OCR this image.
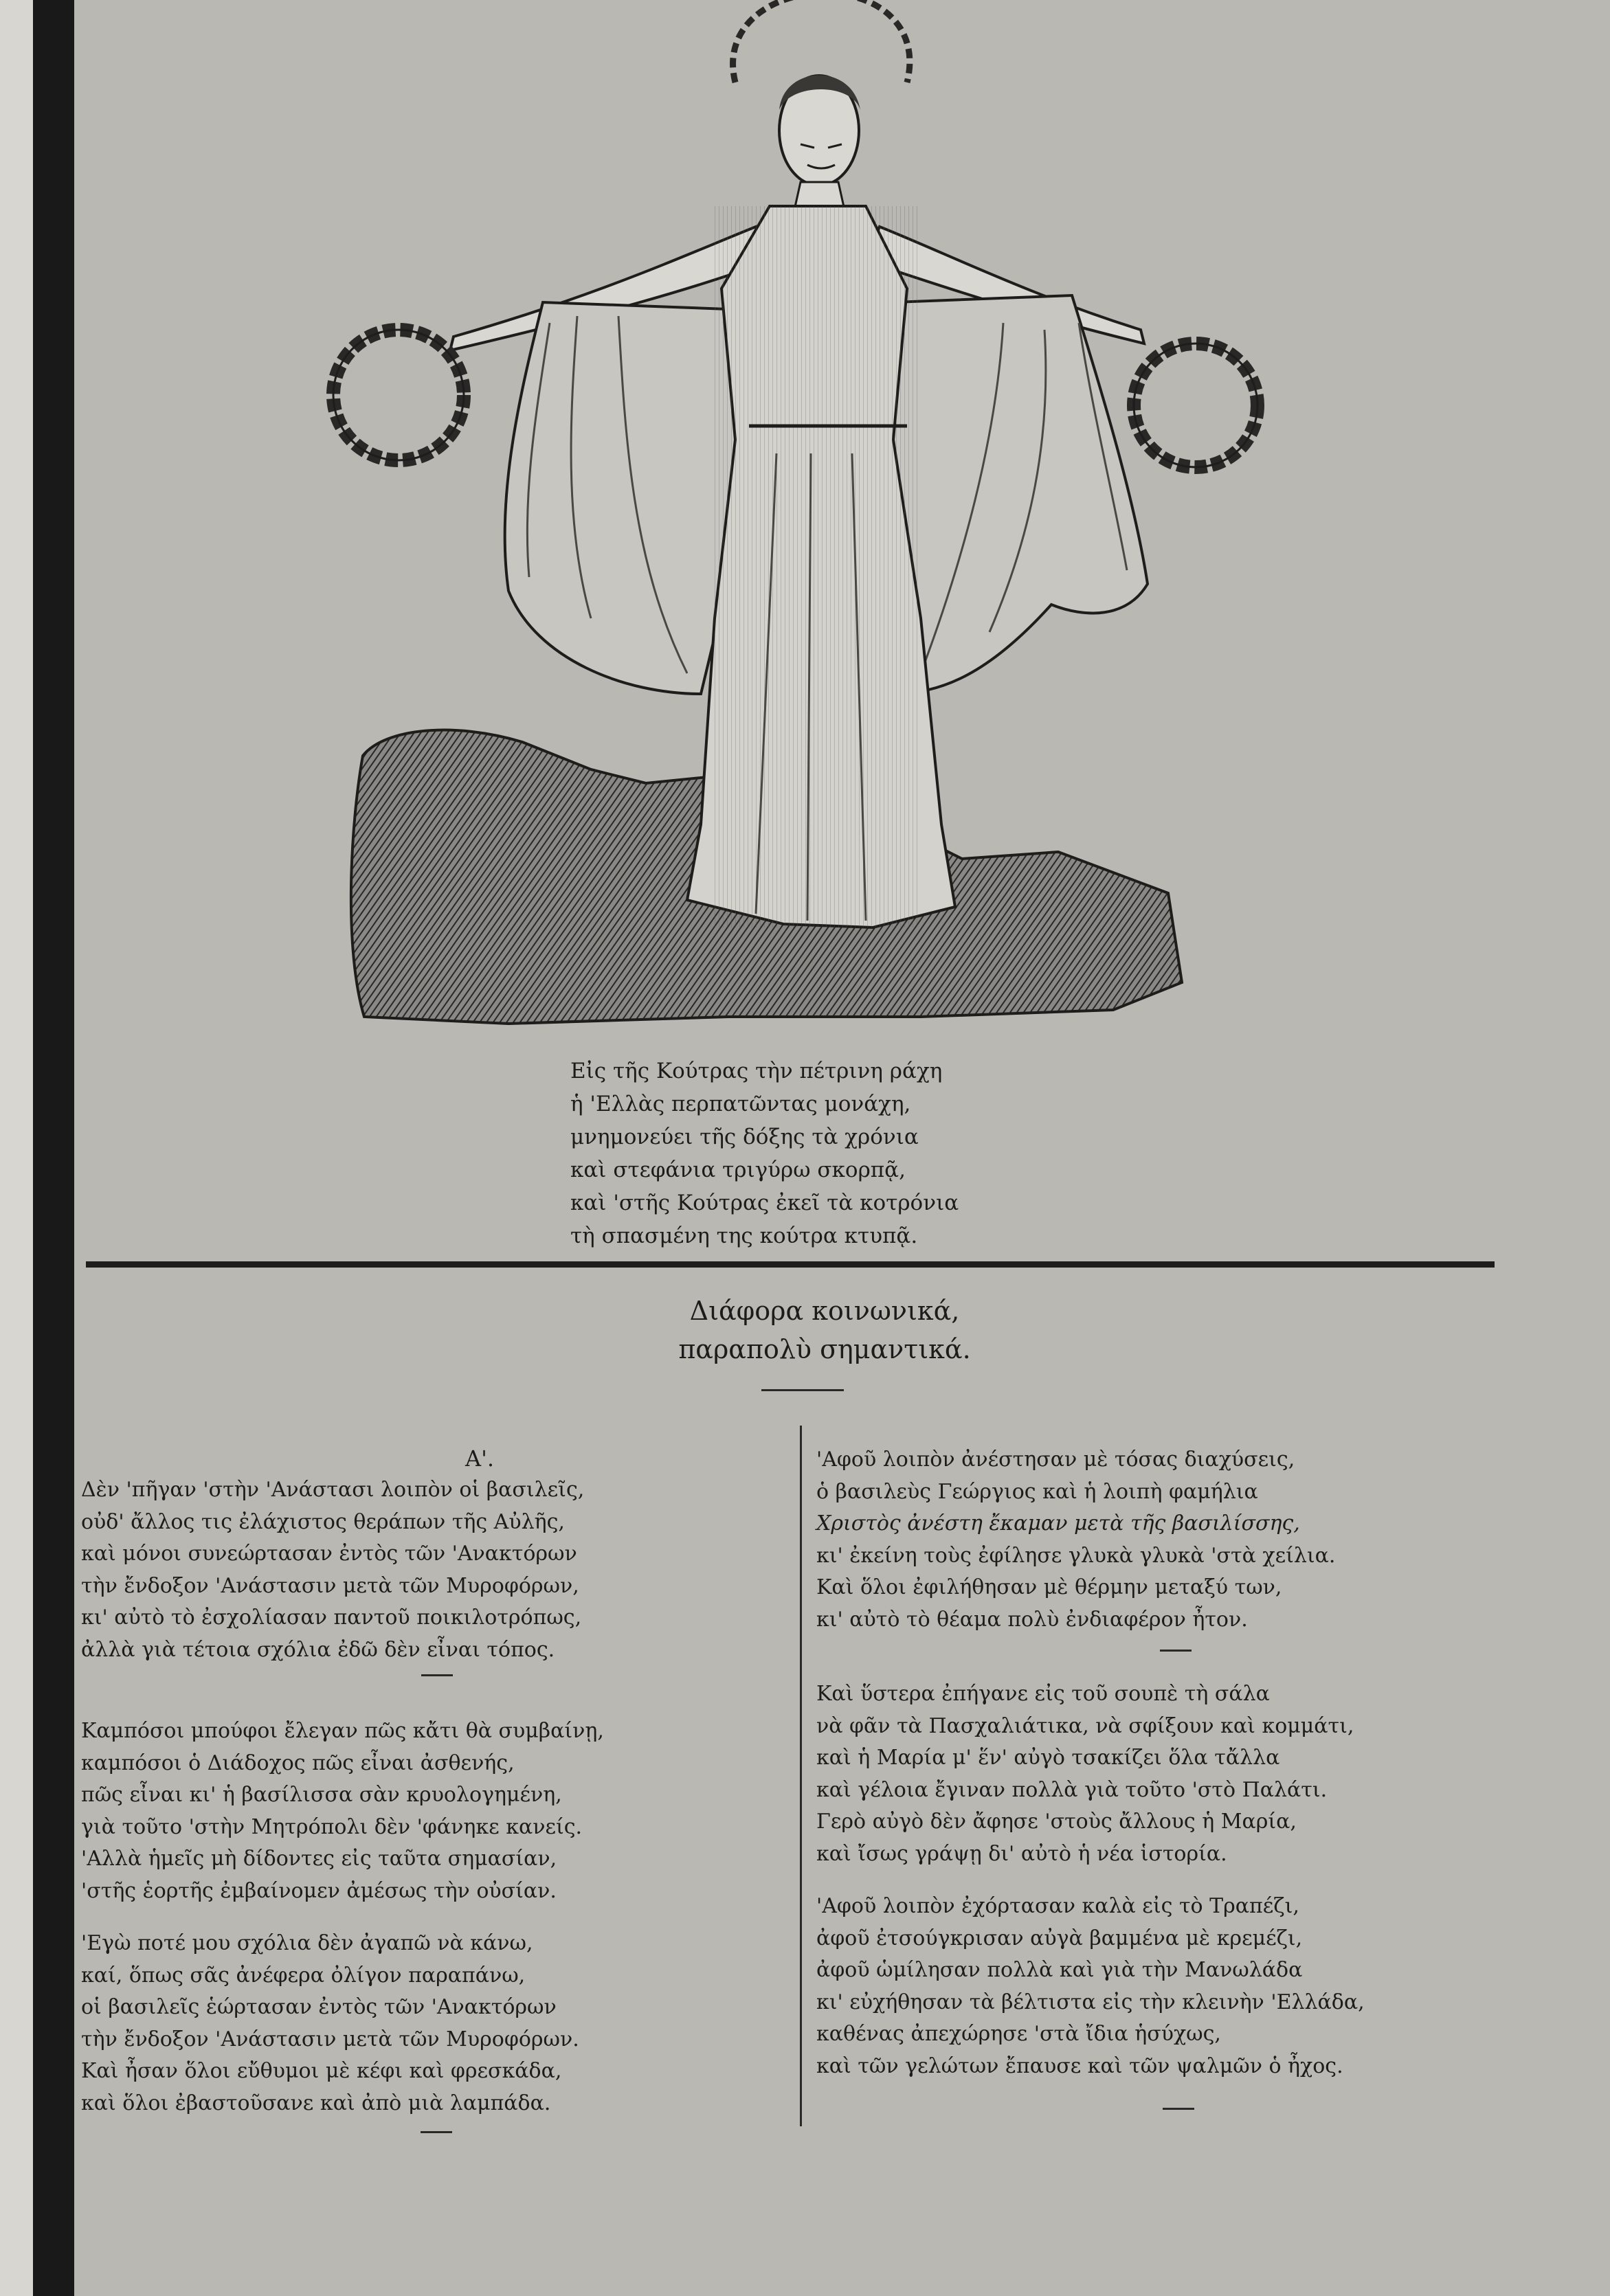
Εἰς τῆς Κούτρας τὴν πέτρινη ράχη
ἡ 'Ελλὰς περπατῶντας μονάχη,
μνημονεύει τῆς δόξης τὰ χρόνια
καὶ στεφάνια τριγύρω σκορπᾷ,
καὶ 'στῆς Κούτρας ἐκεῖ τὰ κοτρόνια
τὴ σπασμένη της κούτρα κτυπᾷ.
Διάφορα κοινωνικά,
παραπολὺ σημαντικά.
Α'.
Δὲν 'πῆγαν 'στὴν 'Ανάστασι λοιπὸν οἱ βασιλεῖς,
οὐδ' ἄλλος τις ἐλάχιστος θεράπων τῆς Αὐλῆς,
καὶ μόνοι συνεώρτασαν ἐντὸς τῶν 'Ανακτόρων
τὴν ἔνδοξον 'Ανάστασιν μετὰ τῶν Μυροφόρων,
κι' αὐτὸ τὸ ἐσχολίασαν παντοῦ ποικιλοτρόπως,
ἀλλὰ γιὰ τέτοια σχόλια ἐδῶ δὲν εἶναι τόπος.
Καμπόσοι μπούφοι ἔλεγαν πῶς κἄτι θὰ συμβαίνῃ,
καμπόσοι ὁ Διάδοχος πῶς εἶναι ἀσθενής,
πῶς εἶναι κι' ἡ βασίλισσα σὰν κρυολογημένη,
γιὰ τοῦτο 'στὴν Μητρόπολι δὲν 'φάνηκε κανείς.
'Αλλὰ ἡμεῖς μὴ δίδοντες εἰς ταῦτα σημασίαν,
'στῆς ἑορτῆς ἐμβαίνομεν ἀμέσως τὴν οὐσίαν.
'Εγὼ ποτέ μου σχόλια δὲν ἀγαπῶ νὰ κάνω,
καί, ὅπως σᾶς ἀνέφερα ὀλίγον παραπάνω,
οἱ βασιλεῖς ἑώρτασαν ἐντὸς τῶν 'Ανακτόρων
τὴν ἔνδοξον 'Ανάστασιν μετὰ τῶν Μυροφόρων.
Καὶ ἦσαν ὅλοι εὔθυμοι μὲ κέφι καὶ φρεσκάδα,
καὶ ὅλοι ἐβαστοῦσανε καὶ ἀπὸ μιὰ λαμπάδα.
'Αφοῦ λοιπὸν ἀνέστησαν μὲ τόσας διαχύσεις,
ὁ βασιλεὺς Γεώργιος καὶ ἡ λοιπὴ φαμήλια
Χριστὸς ἀνέστη ἔκαμαν μετὰ τῆς βασιλίσσης,
κι' ἐκείνη τοὺς ἐφίλησε γλυκὰ γλυκὰ 'στὰ χείλια.
Καὶ ὅλοι ἐφιλήθησαν μὲ θέρμην μεταξύ των,
κι' αὐτὸ τὸ θέαμα πολὺ ἐνδιαφέρον ἦτον.
Καὶ ὕστερα ἐπήγανε εἰς τοῦ σουπὲ τὴ σάλα
νὰ φᾶν τὰ Πασχαλιάτικα, νὰ σφίξουν καὶ κομμάτι,
καὶ ἡ Μαρία μ' ἕν' αὐγὸ τσακίζει ὅλα τἄλλα
καὶ γέλοια ἔγιναν πολλὰ γιὰ τοῦτο 'στὸ Παλάτι.
Γερὸ αὐγὸ δὲν ἄφησε 'στοὺς ἄλλους ἡ Μαρία,
καὶ ἴσως γράψῃ δι' αὐτὸ ἡ νέα ἱστορία.
'Αφοῦ λοιπὸν ἐχόρτασαν καλὰ εἰς τὸ Τραπέζι,
ἀφοῦ ἐτσούγκρισαν αὐγὰ βαμμένα μὲ κρεμέζι,
ἀφοῦ ὡμίλησαν πολλὰ καὶ γιὰ τὴν Μανωλάδα
κι' εὐχήθησαν τὰ βέλτιστα εἰς τὴν κλεινὴν 'Ελλάδα,
καθένας ἀπεχώρησε 'στὰ ἴδια ἡσύχως,
καὶ τῶν γελώτων ἔπαυσε καὶ τῶν ψαλμῶν ὁ ἦχος.
